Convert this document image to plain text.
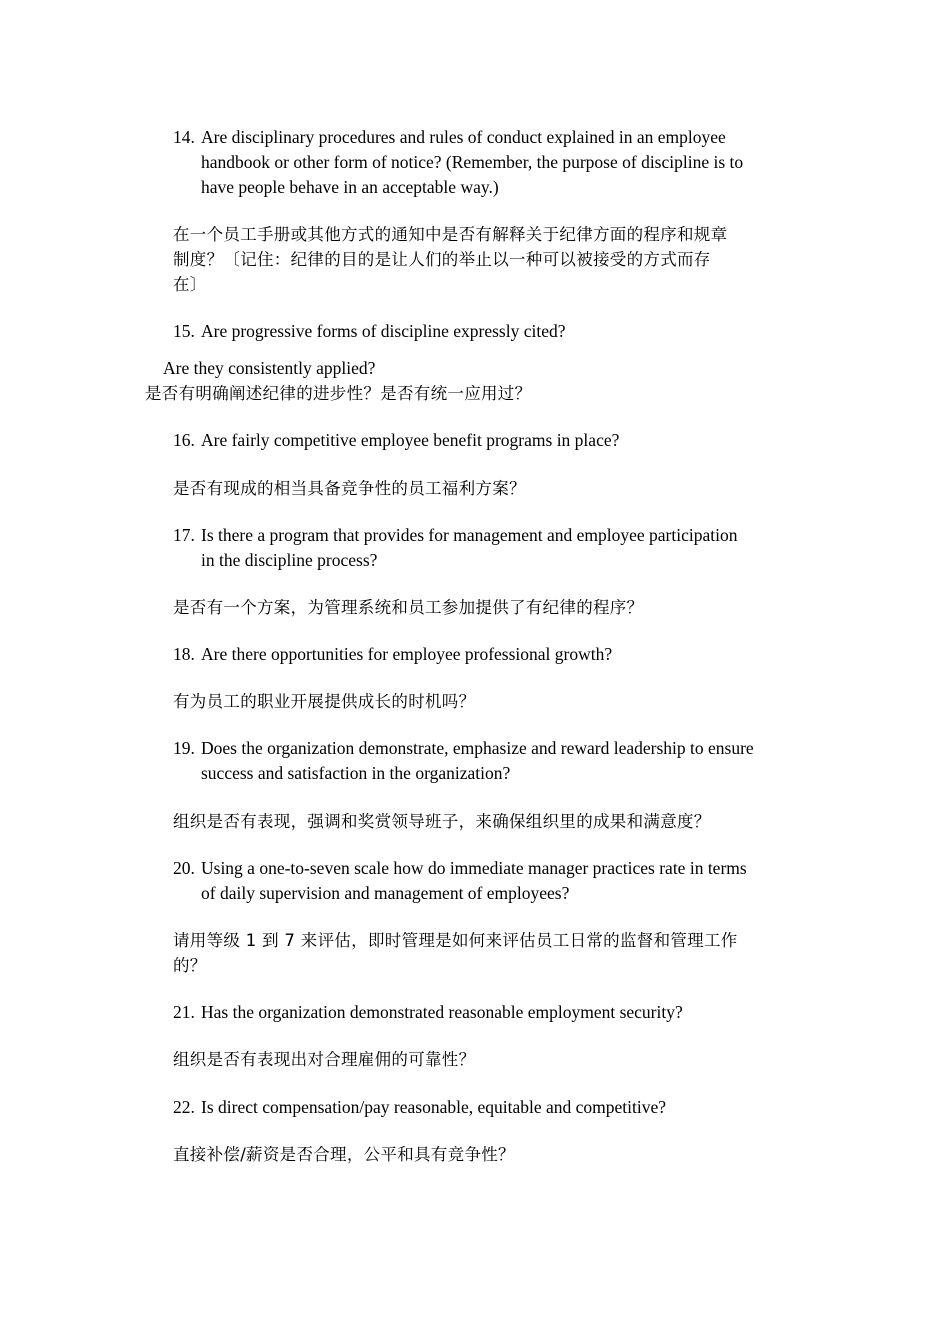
14. Are disciplinary procedures and rules of conduct explained in an employee
handbook or other form of notice? (Remember, the purpose of discipline is to
have people behave in an acceptable way.)
在一个员工手册或其他方式的通知中是否有解释关于纪律方面的程序和规章
制度？〔记住：纪律的目的是让人们的举止以一种可以被接受的方式而存
在〕
15. Are progressive forms of discipline expressly cited?
Are they consistently applied?
是否有明确阐述纪律的进步性？是否有统一应用过？
16. Are fairly competitive employee benefit programs in place?
是否有现成的相当具备竞争性的员工福利方案？
17. Is there a program that provides for management and employee participation
in the discipline process?
是否有一个方案，为管理系统和员工参加提供了有纪律的程序？
18. Are there opportunities for employee professional growth?
有为员工的职业开展提供成长的时机吗？
19. Does the organization demonstrate, emphasize and reward leadership to ensure
success and satisfaction in the organization?
组织是否有表现，强调和奖赏领导班子，来确保组织里的成果和满意度？
20. Using a one-to-seven scale how do immediate manager practices rate in terms
of daily supervision and management of employees?
请用等级 1 到 7 来评估，即时管理是如何来评估员工日常的监督和管理工作
的？
21. Has the organization demonstrated reasonable employment security?
组织是否有表现出对合理雇佣的可靠性？
22. Is direct compensation/pay reasonable, equitable and competitive?
直接补偿/薪资是否合理，公平和具有竞争性？
